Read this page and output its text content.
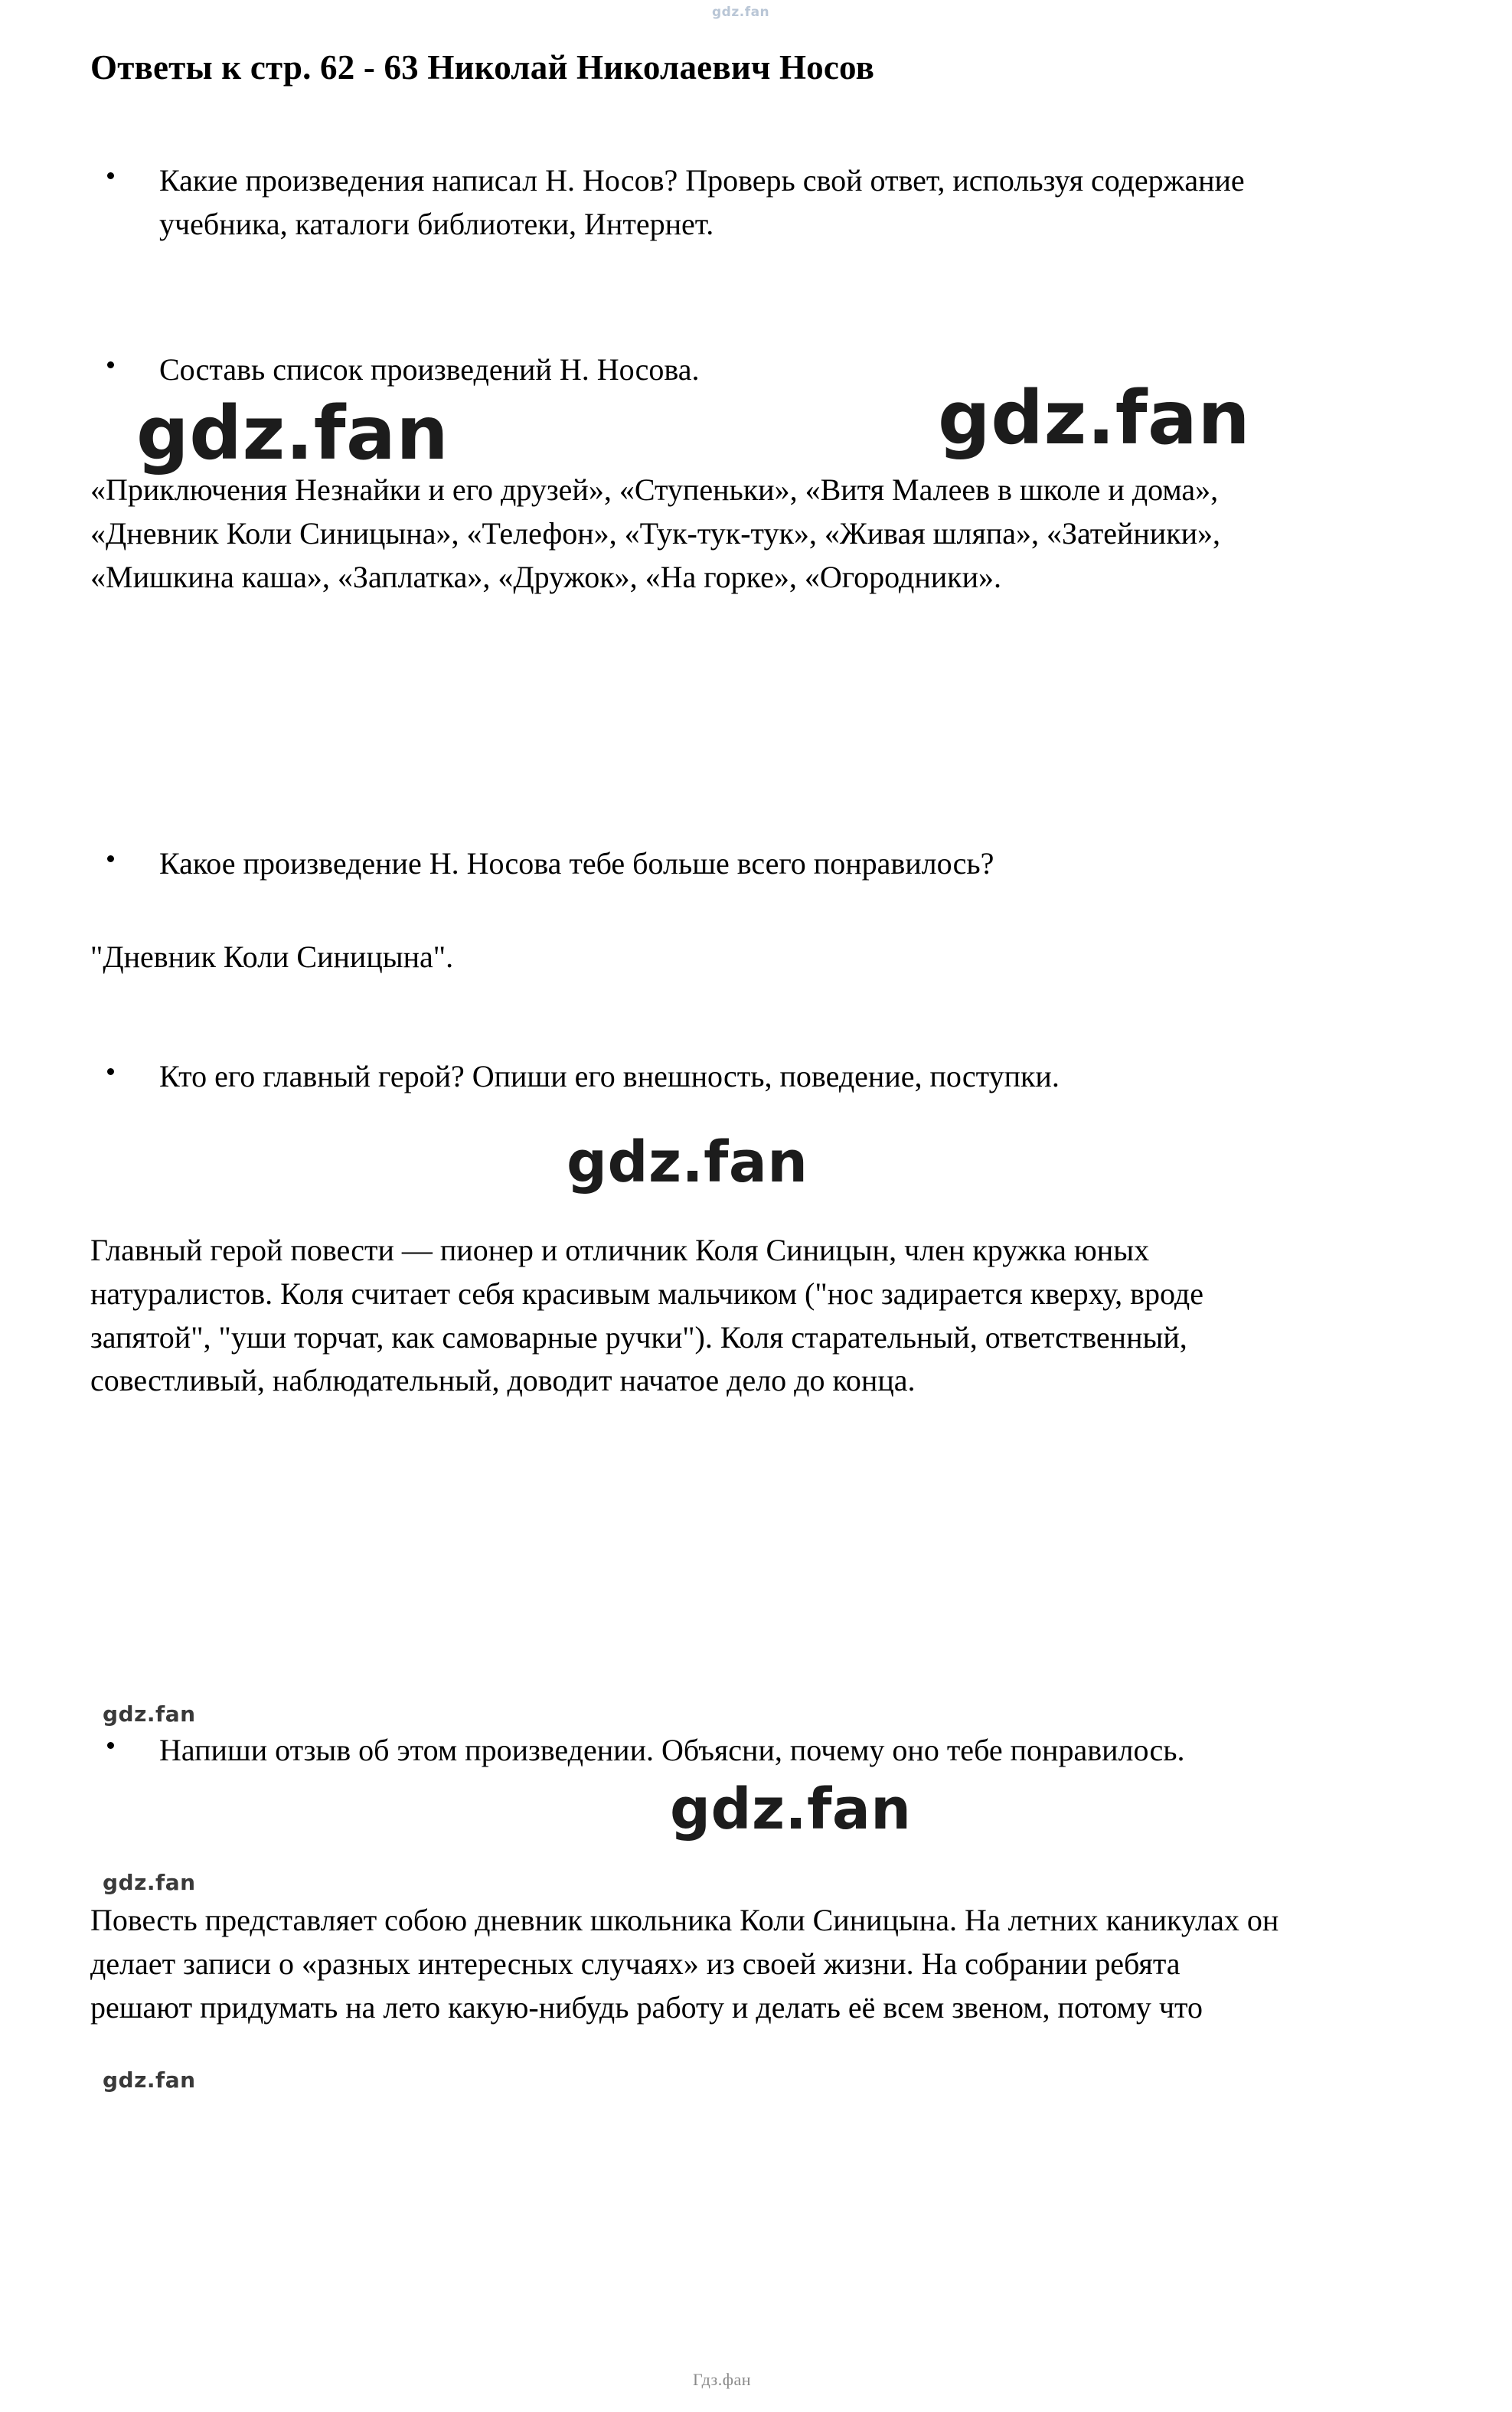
gdz.fan
Ответы к стр. 62 - 63 Николай Николаевич Носов
Какие произведения написал Н. Носов? Проверь свой ответ, используя содержание
учебника, каталоги библиотеки, Интернет.
Составь список произведений Н. Носова.
gdz.fan	gdz.fan
«Приключения Незнайки и его друзей», «Ступеньки», «Витя Малеев в школе и дома»,
«Дневник Коли Синицына», «Телефон», «Тук-тук-тук», «Живая шляпа», «Затейники»,
«Мишкина каша», «Заплатка», «Дружок», «На горке», «Огородники».
Какое произведение Н. Носова тебе больше всего понравилось?
"Дневник Коли Синицына".
Кто его главный герой? Опиши его внешность, поведение, поступки.
gdz.fan
Главный герой повести — пионер и отличник Коля Синицын, член кружка юных
натуралистов. Коля считает себя красивым мальчиком ("нос задирается кверху, вроде
запятой", "уши торчат, как самоварные ручки"). Коля старательный, ответственный,
совестливый, наблюдательный, доводит начатое дело до конца.
gdz.fan
Напиши отзыв об этом произведении. Объясни, почему оно тебе понравилось.
gdz.fan
gdz.fan
Повесть представляет собою дневник школьника Коли Синицына. На летних каникулах он
делает записи о «разных интересных случаях» из своей жизни. На собрании ребята
решают придумать на лето какую-нибудь работу и делать её всем звеном, потому что
gdz.fan
Гдз.фан
